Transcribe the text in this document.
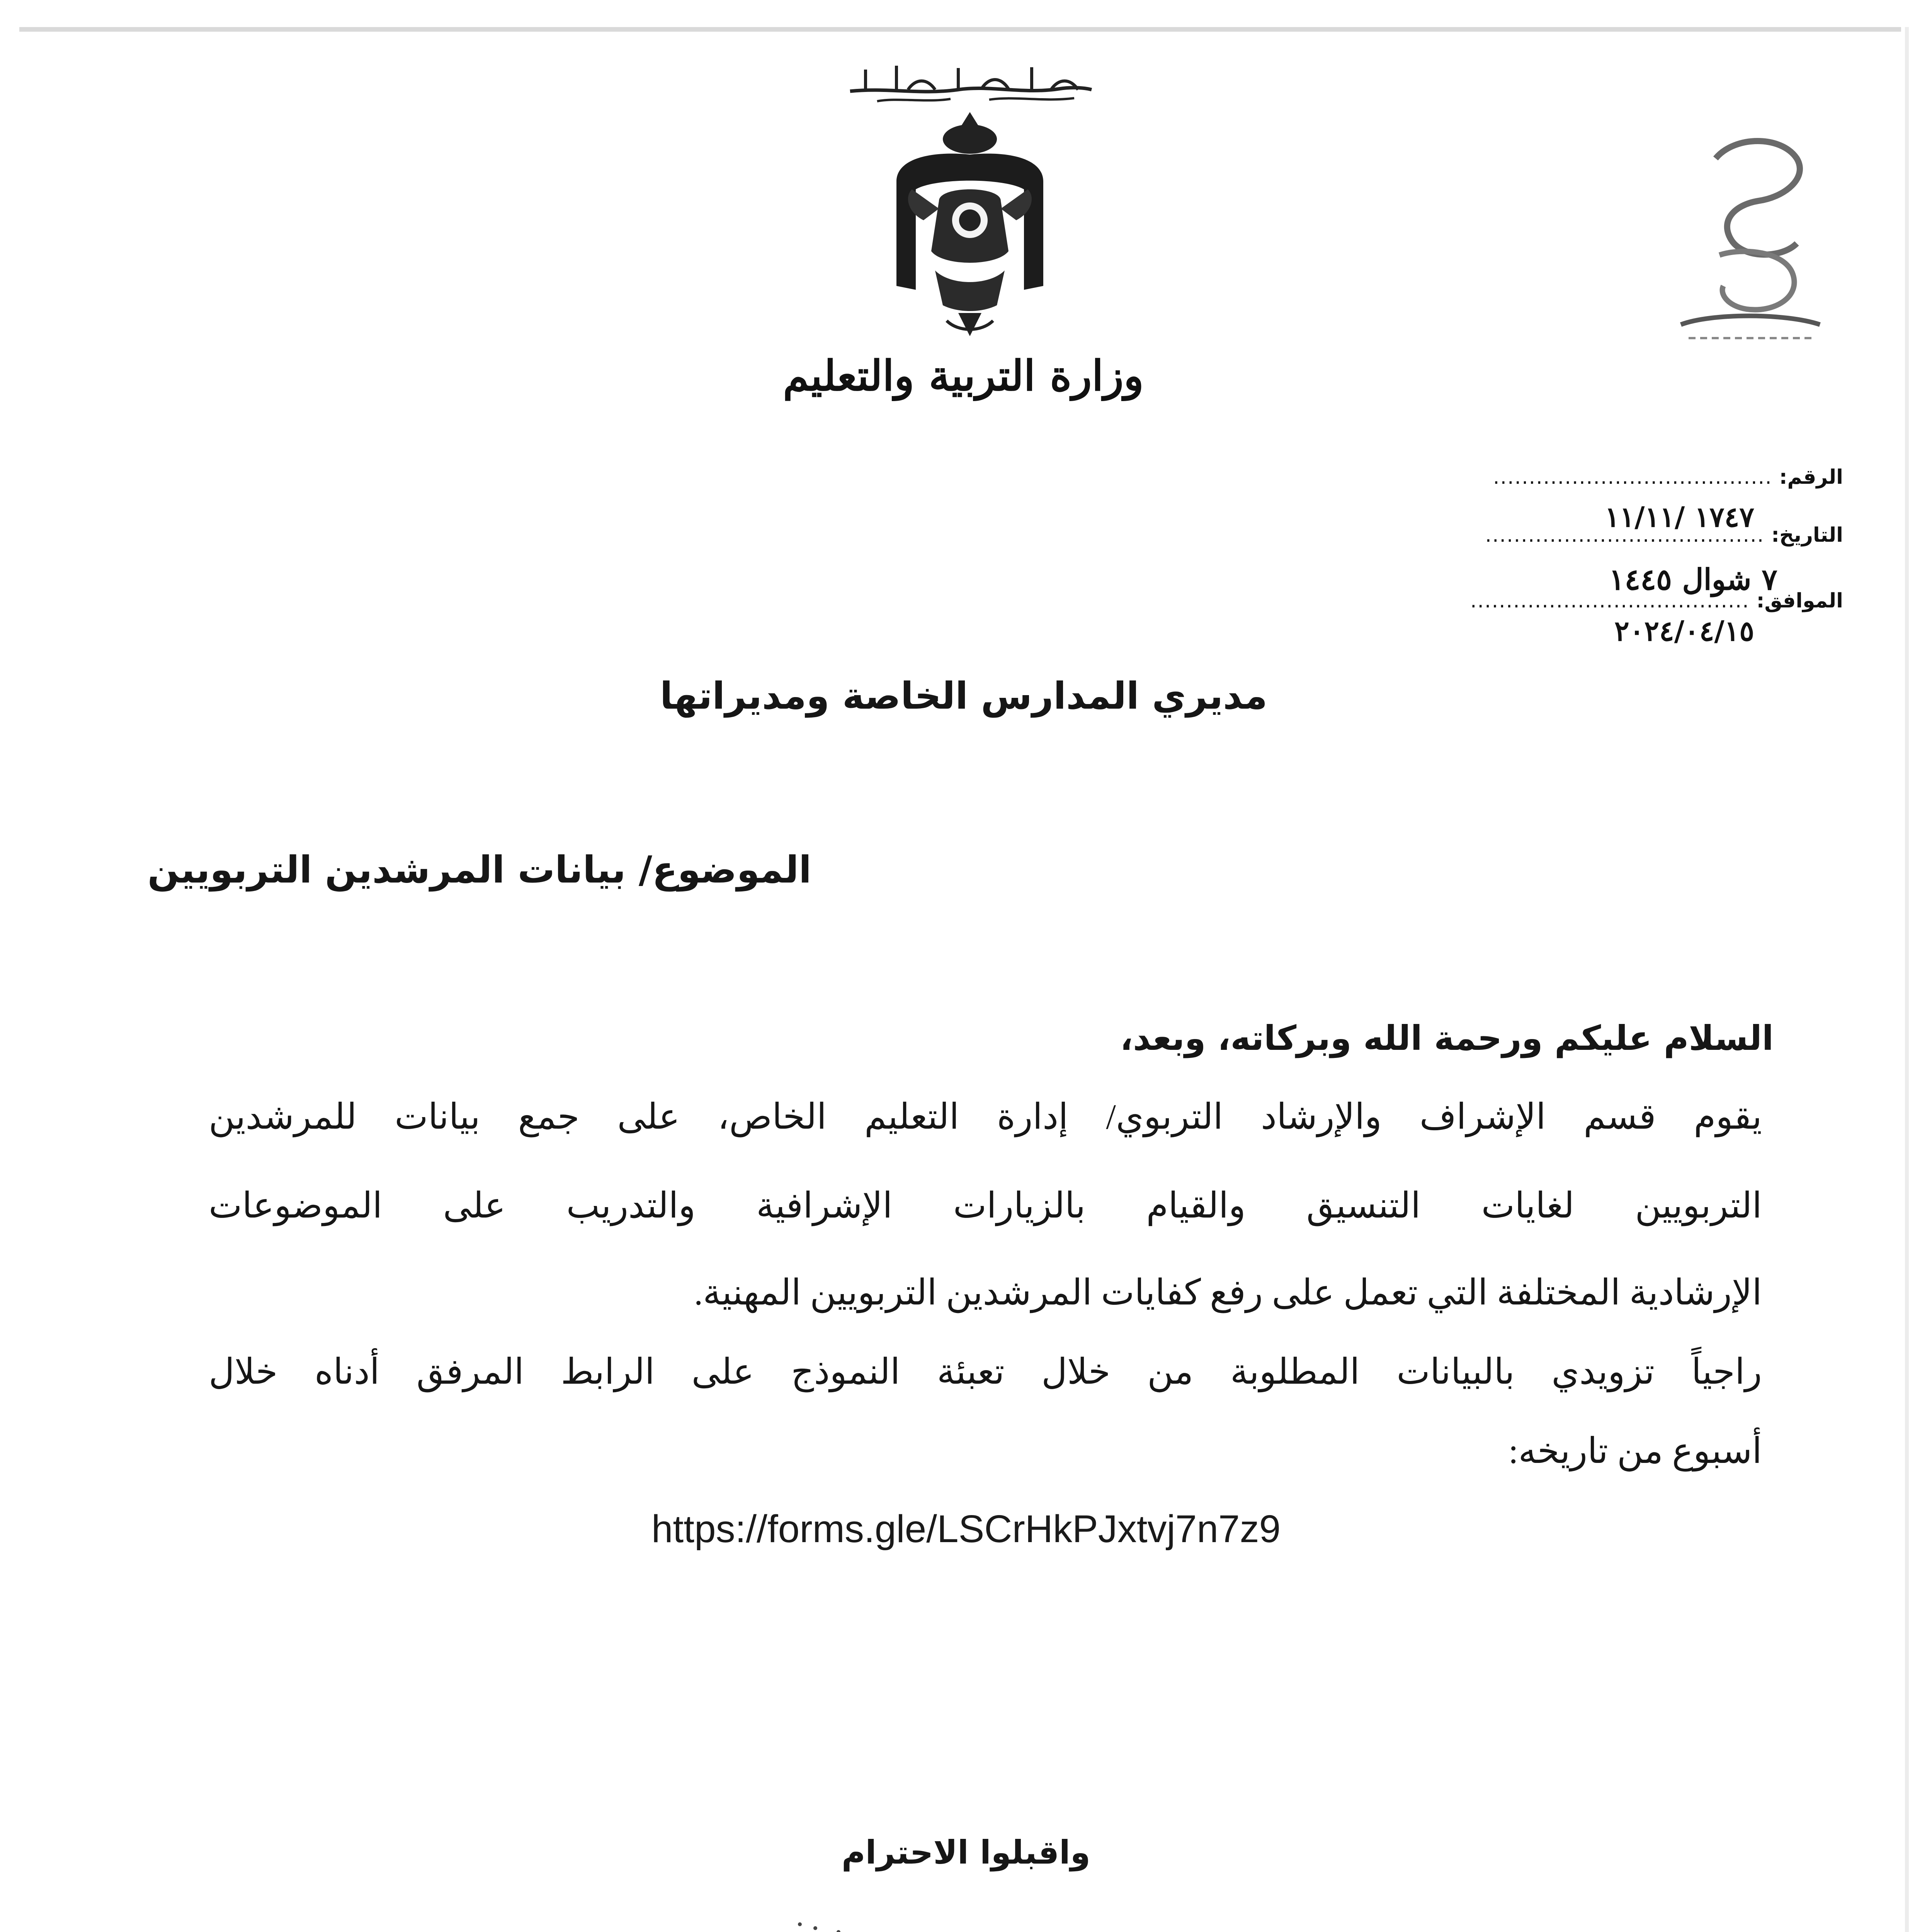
وزارة التربية والتعليم
الرقم:
.......................................
التاريخ:
.......................................
الموافق:
.......................................
١٧٤٧ /١١/١١
٧ شوال ١٤٤٥
٢٠٢٤/٠٤/١٥
مديري المدارس الخاصة ومديراتها
الموضوع/ بيانات المرشدين التربويين
السلام عليكم ورحمة الله وبركاته، وبعد،
يقوم قسم الإشراف والإرشاد التربوي/ إدارة التعليم الخاص، على جمع بيانات للمرشدين
التربويين لغايات التنسيق والقيام بالزيارات الإشرافية والتدريب على الموضوعات
الإرشادية المختلفة التي تعمل على رفع كفايات المرشدين التربويين المهنية.
راجياً تزويدي بالبيانات المطلوبة من خلال تعبئة النموذج على الرابط المرفق أدناه خلال
أسبوع من تاريخه:
https://forms.gle/LSCrHkPJxtvj7n7z9
واقبلوا الاحترام
